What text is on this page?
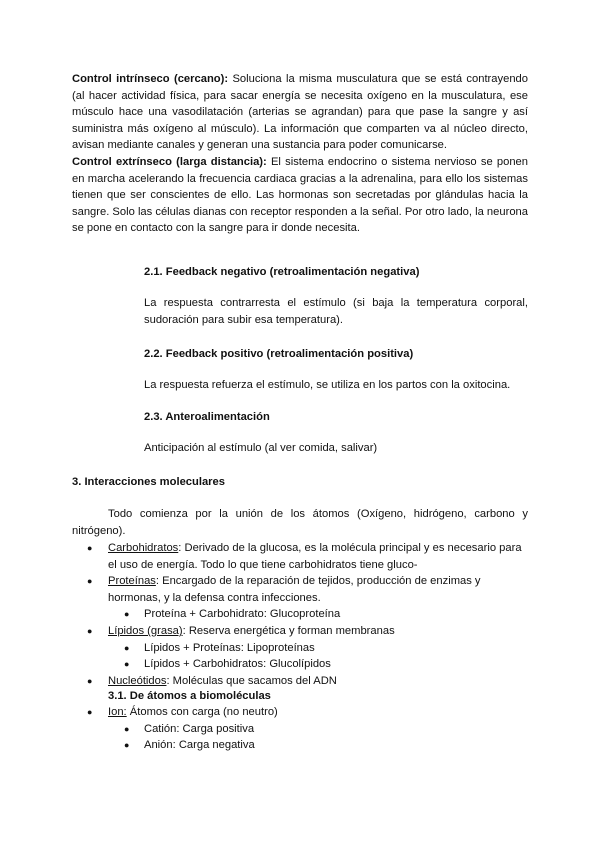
Control intrínseco (cercano): Soluciona la misma musculatura que se está contrayendo (al hacer actividad física, para sacar energía se necesita oxígeno en la musculatura, ese músculo hace una vasodilatación (arterias se agrandan) para que pase la sangre y así suministra más oxígeno al músculo). La información que comparten va al núcleo directo, avisan mediante canales y generan una sustancia para poder comunicarse.

Control extrínseco (larga distancia): El sistema endocrino o sistema nervioso se ponen en marcha acelerando la frecuencia cardiaca gracias a la adrenalina, para ello los sistemas tienen que ser conscientes de ello. Las hormonas son secretadas por glándulas hacia la sangre. Solo las células dianas con receptor responden a la señal. Por otro lado, la neurona se pone en contacto con la sangre para ir donde necesita.

2.1. Feedback negativo (retroalimentación negativa)

La respuesta contrarresta el estímulo (si baja la temperatura corporal, sudoración para subir esa temperatura).

2.2. Feedback positivo (retroalimentación positiva)

La respuesta refuerza el estímulo, se utiliza en los partos con la oxitocina.

2.3. Anteroalimentación

Anticipación al estímulo (al ver comida, salivar)

3. Interacciones moleculares

Todo comienza por la unión de los átomos (Oxígeno, hidrógeno, carbono y nitrógeno).

● Carbohidratos: Derivado de la glucosa, es la molécula principal y es necesario para el uso de energía. Todo lo que tiene carbohidratos tiene gluco-
● Proteínas: Encargado de la reparación de tejidos, producción de enzimas y hormonas, y la defensa contra infecciones.
● Proteína + Carbohidrato: Glucoproteína
● Lípidos (grasa): Reserva energética y forman membranas
● Lípidos + Proteínas: Lipoproteínas
● Lípidos + Carbohidratos: Glucolípidos
● Nucleótidos: Moléculas que sacamos del ADN

3.1. De átomos a biomoléculas

● Ion: Átomos con carga (no neutro)
● Catión: Carga positiva
● Anión: Carga negativa
